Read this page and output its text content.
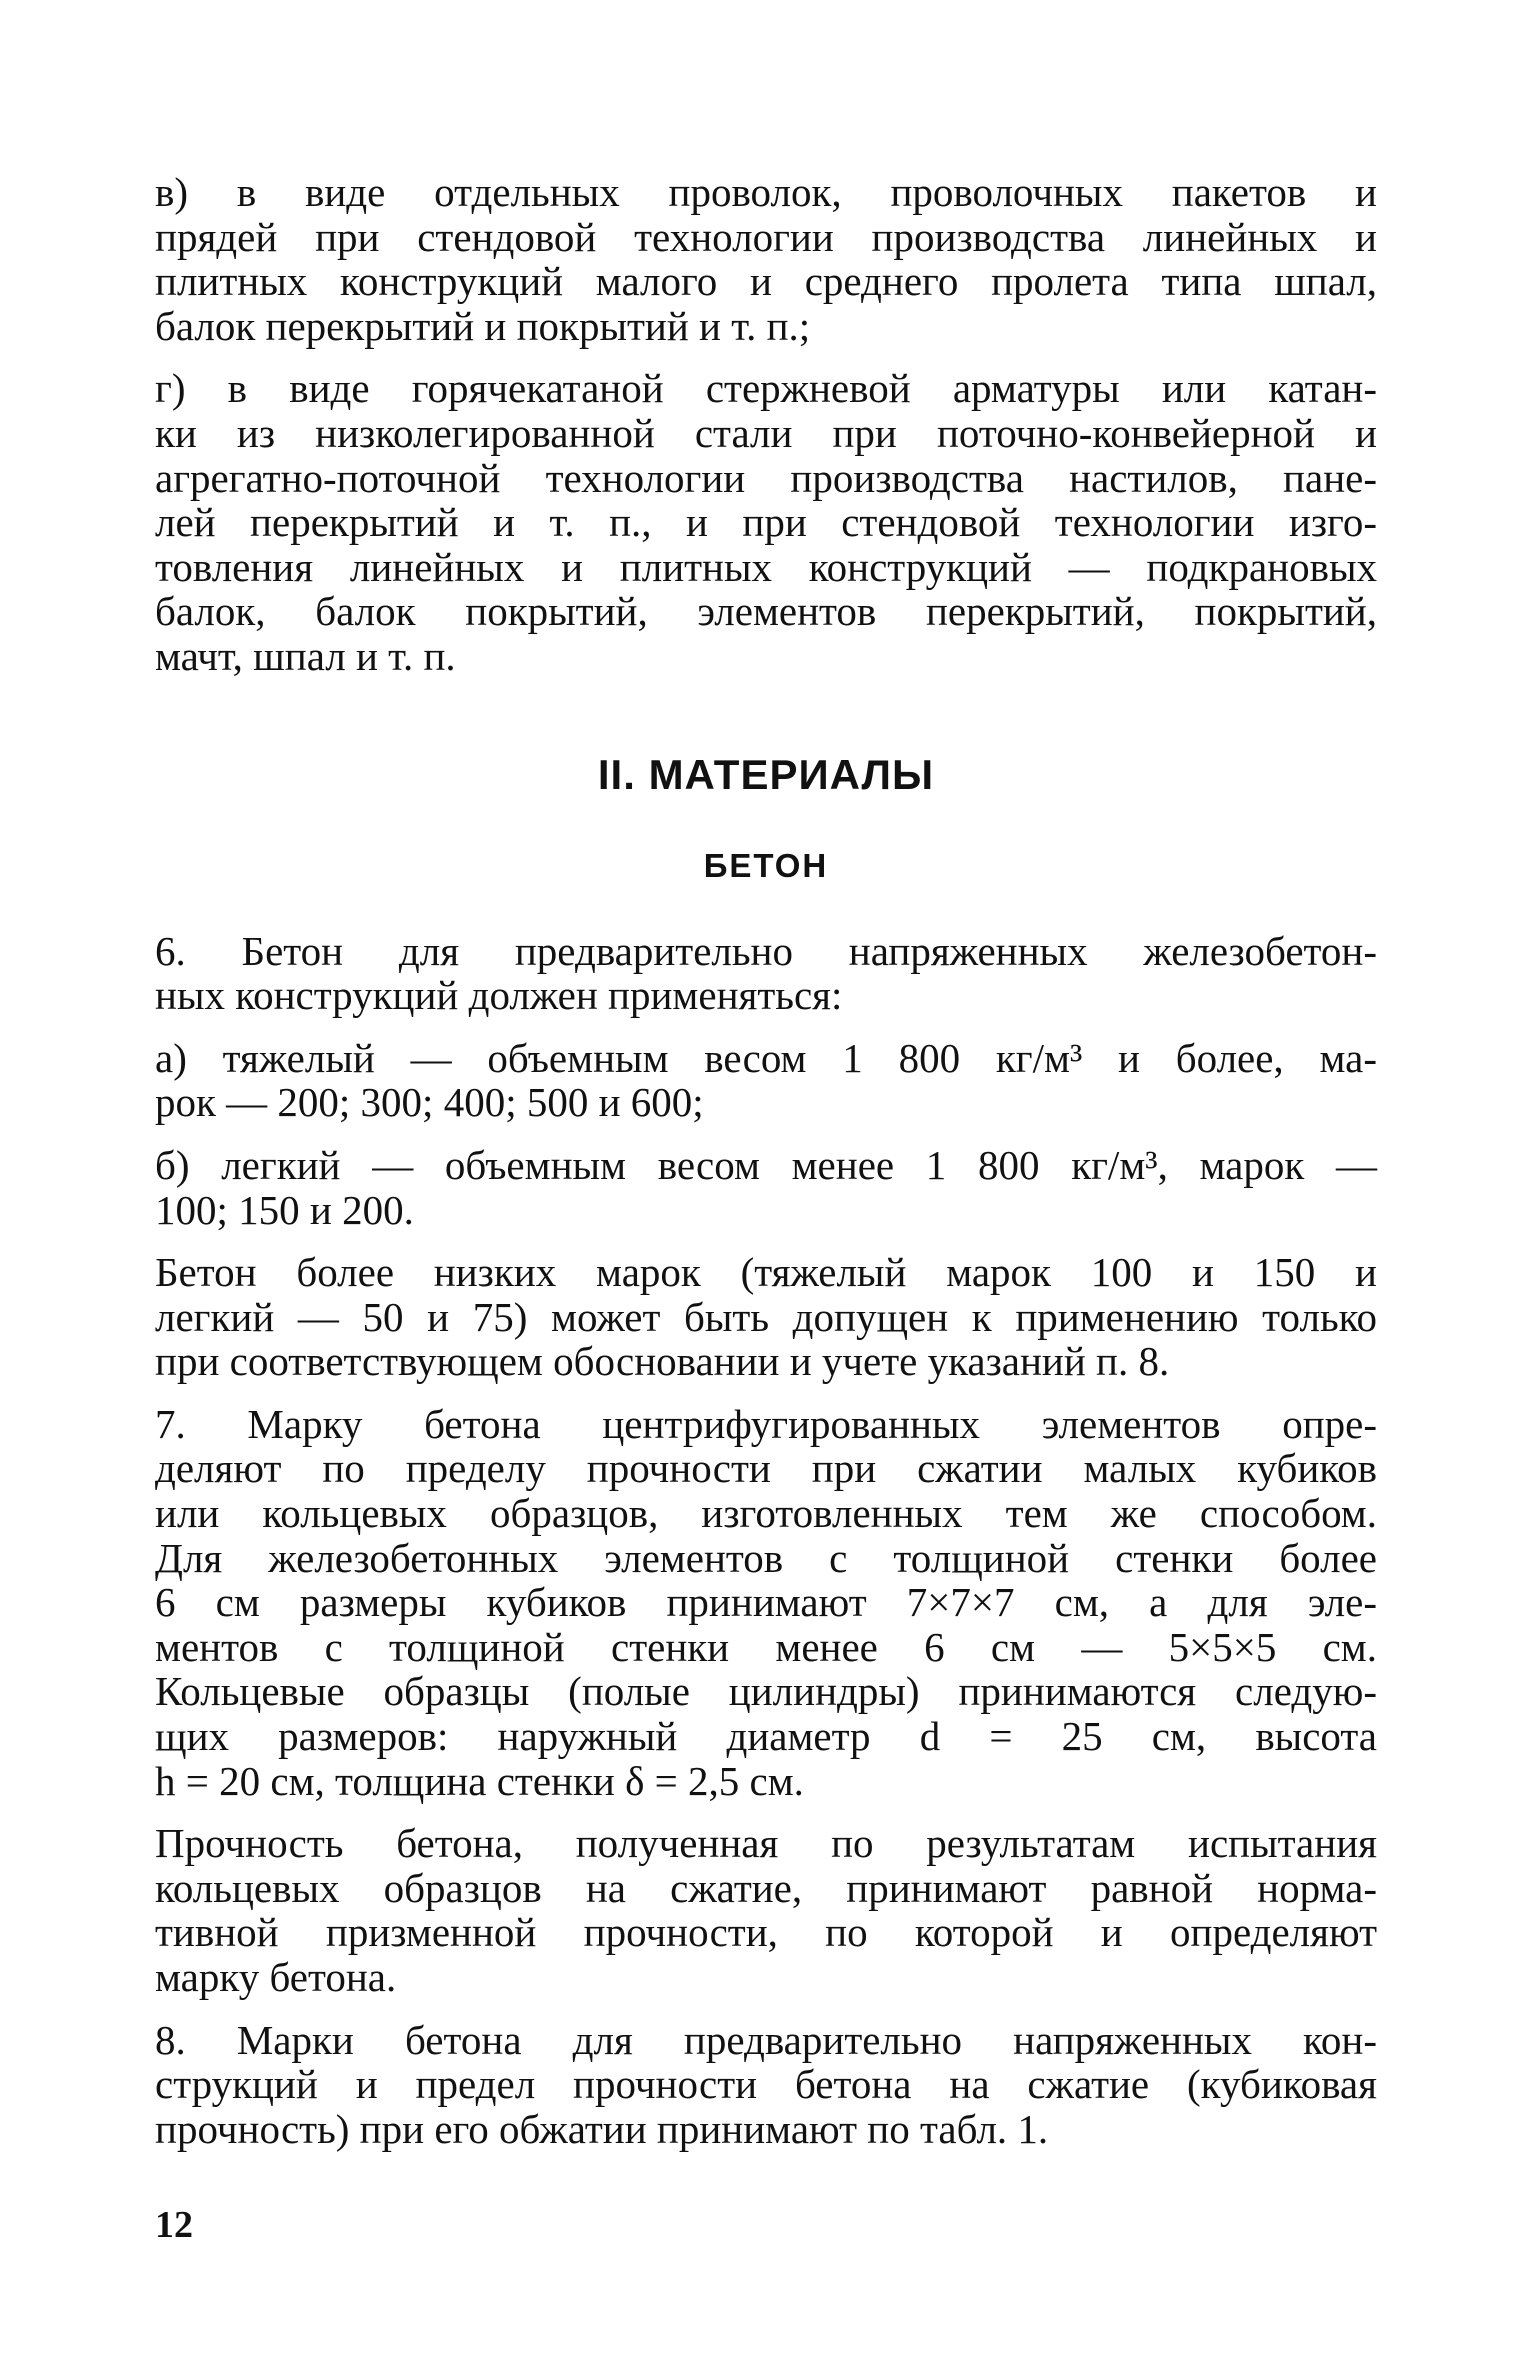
в) в виде отдельных проволок, проволочных пакетов и
прядей при стендовой технологии производства линейных и
плитных конструкций малого и среднего пролета типа шпал,
балок перекрытий и покрытий и т. п.;

г) в виде горячекатаной стержневой арматуры или катан-
ки из низколегированной стали при поточно-конвейерной и
агрегатно-поточной технологии производства настилов, пане-
лей перекрытий и т. п., и при стендовой технологии изго-
товления линейных и плитных конструкций — подкрановых
балок, балок покрытий, элементов перекрытий, покрытий,
мачт, шпал и т. п.

II. МАТЕРИАЛЫ
БЕТОН

6. Бетон для предварительно напряженных железобетон-
ных конструкций должен применяться:

а) тяжелый — объемным весом 1 800 кг/м³ и более, ма-
рок — 200; 300; 400; 500 и 600;

б) легкий — объемным весом менее 1 800 кг/м³, марок —
100; 150 и 200.

Бетон более низких марок (тяжелый марок 100 и 150 и
легкий — 50 и 75) может быть допущен к применению только
при соответствующем обосновании и учете указаний п. 8.

7. Марку бетона центрифугированных элементов опре-
деляют по пределу прочности при сжатии малых кубиков
или кольцевых образцов, изготовленных тем же способом.
Для железобетонных элементов с толщиной стенки более
6 см размеры кубиков принимают 7×7×7 см, а для эле-
ментов с толщиной стенки менее 6 см — 5×5×5 см.
Кольцевые образцы (полые цилиндры) принимаются следую-
щих размеров: наружный диаметр d = 25 см, высота
h = 20 см, толщина стенки δ = 2,5 см.

Прочность бетона, полученная по результатам испытания
кольцевых образцов на сжатие, принимают равной норма-
тивной призменной прочности, по которой и определяют
марку бетона.

8. Марки бетона для предварительно напряженных кон-
струкций и предел прочности бетона на сжатие (кубиковая
прочность) при его обжатии принимают по табл. 1.

12
